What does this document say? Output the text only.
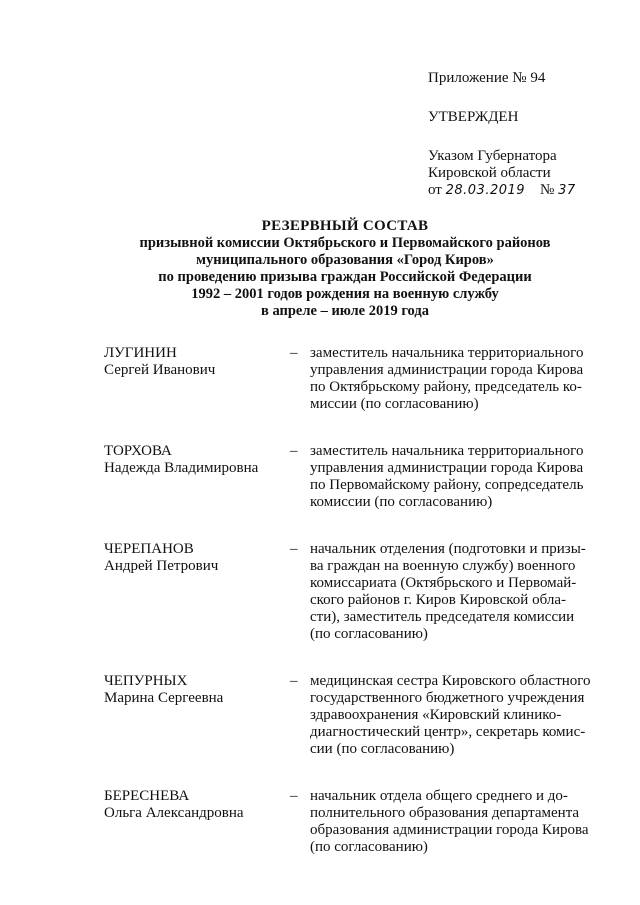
Приложение № 94
УТВЕРЖДЕН
Указом Губернатора
Кировской области
от 28.03.2019 № 37
РЕЗЕРВНЫЙ СОСТАВ
призывной комиссии Октябрьского и Первомайского районов
муниципального образования «Город Киров»
по проведению призыва граждан Российской Федерации
1992 – 2001 годов рождения на военную службу
в апреле – июле 2019 года
ЛУГИНИН
Сергей Иванович
– заместитель начальника территориального
управления администрации города Кирова
по Октябрьскому району, председатель ко-
миссии (по согласованию)
ТОРХОВА
Надежда Владимировна
– заместитель начальника территориального
управления администрации города Кирова
по Первомайскому району, сопредседатель
комиссии (по согласованию)
ЧЕРЕПАНОВ
Андрей Петрович
– начальник отделения (подготовки и призы-
ва граждан на военную службу) военного
комиссариата (Октябрьского и Первомай-
ского районов г. Киров Кировской обла-
сти), заместитель председателя комиссии
(по согласованию)
ЧЕПУРНЫХ
Марина Сергеевна
– медицинская сестра Кировского областного
государственного бюджетного учреждения
здравоохранения «Кировский клинико-
диагностический центр», секретарь комис-
сии (по согласованию)
БЕРЕСНЕВА
Ольга Александровна
– начальник отдела общего среднего и до-
полнительного образования департамента
образования администрации города Кирова
(по согласованию)
